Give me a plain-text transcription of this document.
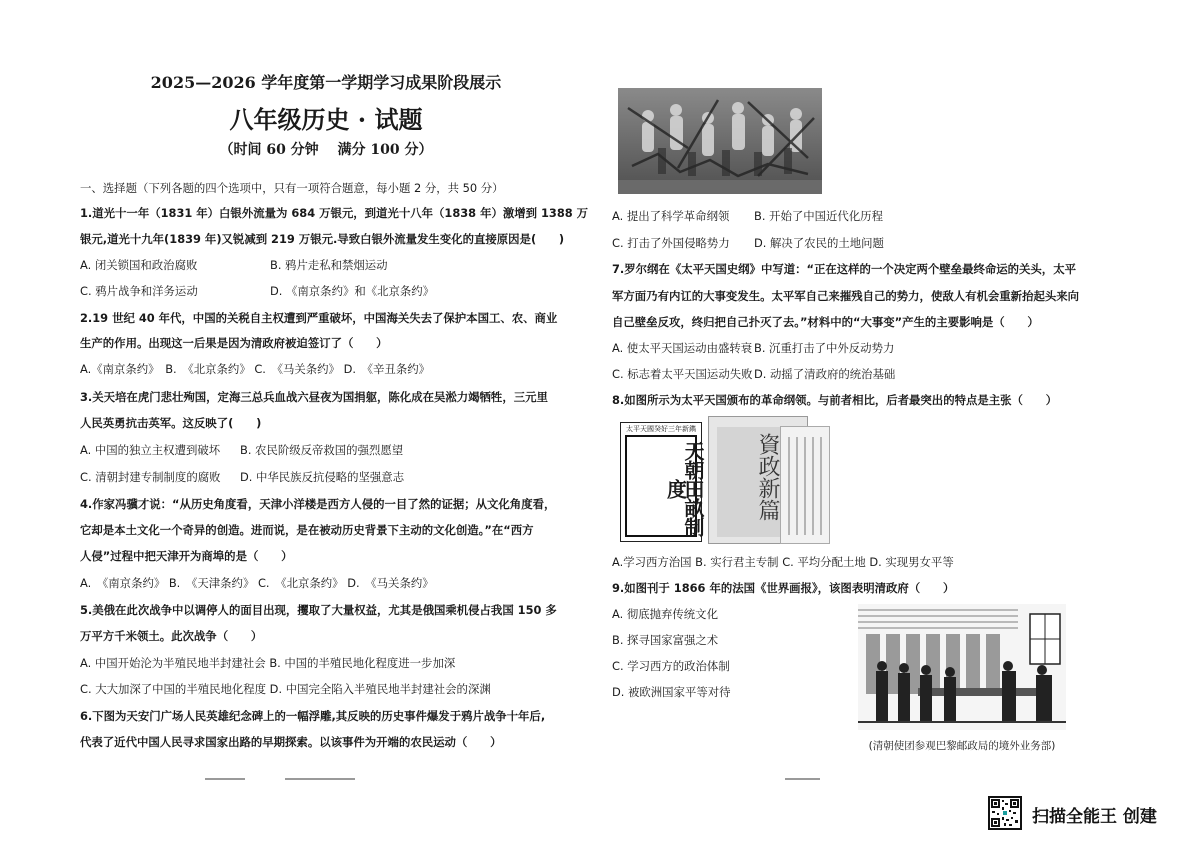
2025—2026 学年度第一学期学习成果阶段展示
八年级历史 · 试题
（时间 60 分钟　 满分 100 分）
一、选择题（下列各题的四个选项中，只有一项符合题意，每小题 2 分，共 50 分）
1.道光十一年（1831 年）白银外流量为 684 万银元，到道光十八年（1838 年）激增到 1388 万
银元,道光十九年(1839 年)又锐减到 219 万银元.导致白银外流量发生变化的直接原因是(　　)
A. 闭关锁国和政治腐败	B. 鸦片走私和禁烟运动
C. 鸦片战争和洋务运动	D. 《南京条约》和《北京条约》
2.19 世纪 40 年代，中国的关税自主权遭到严重破坏，中国海关失去了保护本国工、农、商业
生产的作用。出现这一后果是因为清政府被迫签订了（　　）
A.《南京条约》　B.　《北京条约》 C.　《马关条约》 D.　《辛丑条约》
3.关天培在虎门悲壮殉国，定海三总兵血战六昼夜为国捐躯，陈化成在吴淞力竭牺牲，三元里
人民英勇抗击英军。这反映了(　　)
A. 中国的独立主权遭到破坏 B. 农民阶级反帝救国的强烈愿望
C. 清朝封建专制制度的腐败 D. 中华民族反抗侵略的坚强意志
4.作家冯骥才说：“从历史角度看，天津小洋楼是西方人侵的一目了然的证据；从文化角度看，
它却是本土文化一个奇异的创造。进而说，是在被动历史背景下主动的文化创造。”在“西方
人侵”过程中把天津开为商埠的是（　　）
A.　《南京条约》 B.　《天津条约》 C.　《北京条约》 D.　《马关条约》
5.美俄在此次战争中以调停人的面目出现，攫取了大量权益，尤其是俄国乘机侵占我国 150 多
万平方千米领土。此次战争（　　）
A. 中国开始沦为半殖民地半封建社会 B. 中国的半殖民地化程度进一步加深
C. 大大加深了中国的半殖民地化程度 D. 中国完全陷入半殖民地半封建社会的深渊
6.下图为天安门广场人民英雄纪念碑上的一幅浮雕,其反映的历史事件爆发于鸦片战争十年后,
代表了近代中国人民寻求国家出路的早期探索。以该事件为开端的农民运动（　　）
A. 提出了科学革命纲领 B. 开始了中国近代化历程
C. 打击了外国侵略势力 D. 解决了农民的土地问题
7.罗尔纲在《太平天国史纲》中写道：“正在这样的一个决定两个壁垒最终命运的关头，太平
军方面乃有内讧的大事变发生。太平军自己来摧残自己的势力，使敌人有机会重新抬起头来向
自己壁垒反攻，终归把自己扑灭了去。”材料中的“大事变”产生的主要影响是（　　）
A. 使太平天国运动由盛转衰 B. 沉重打击了中外反动势力
C. 标志着太平天国运动失败 D. 动摇了清政府的统治基础
8.如图所示为太平天国颁布的革命纲领。与前者相比，后者最突出的特点是主张（　　）
太平天國癸好三年新鐫
天朝田畝制度	資政新篇
A.学习西方治国 B. 实行君主专制 C. 平均分配土地 D. 实现男女平等
9.如图刊于 1866 年的法国《世界画报》，该图表明清政府（　　）
A. 彻底抛弃传统文化
B. 探寻国家富强之术
C. 学习西方的政治体制
D. 被欧洲国家平等对待
(清朝使团参观巴黎邮政局的境外业务部)
扫描全能王 创建
